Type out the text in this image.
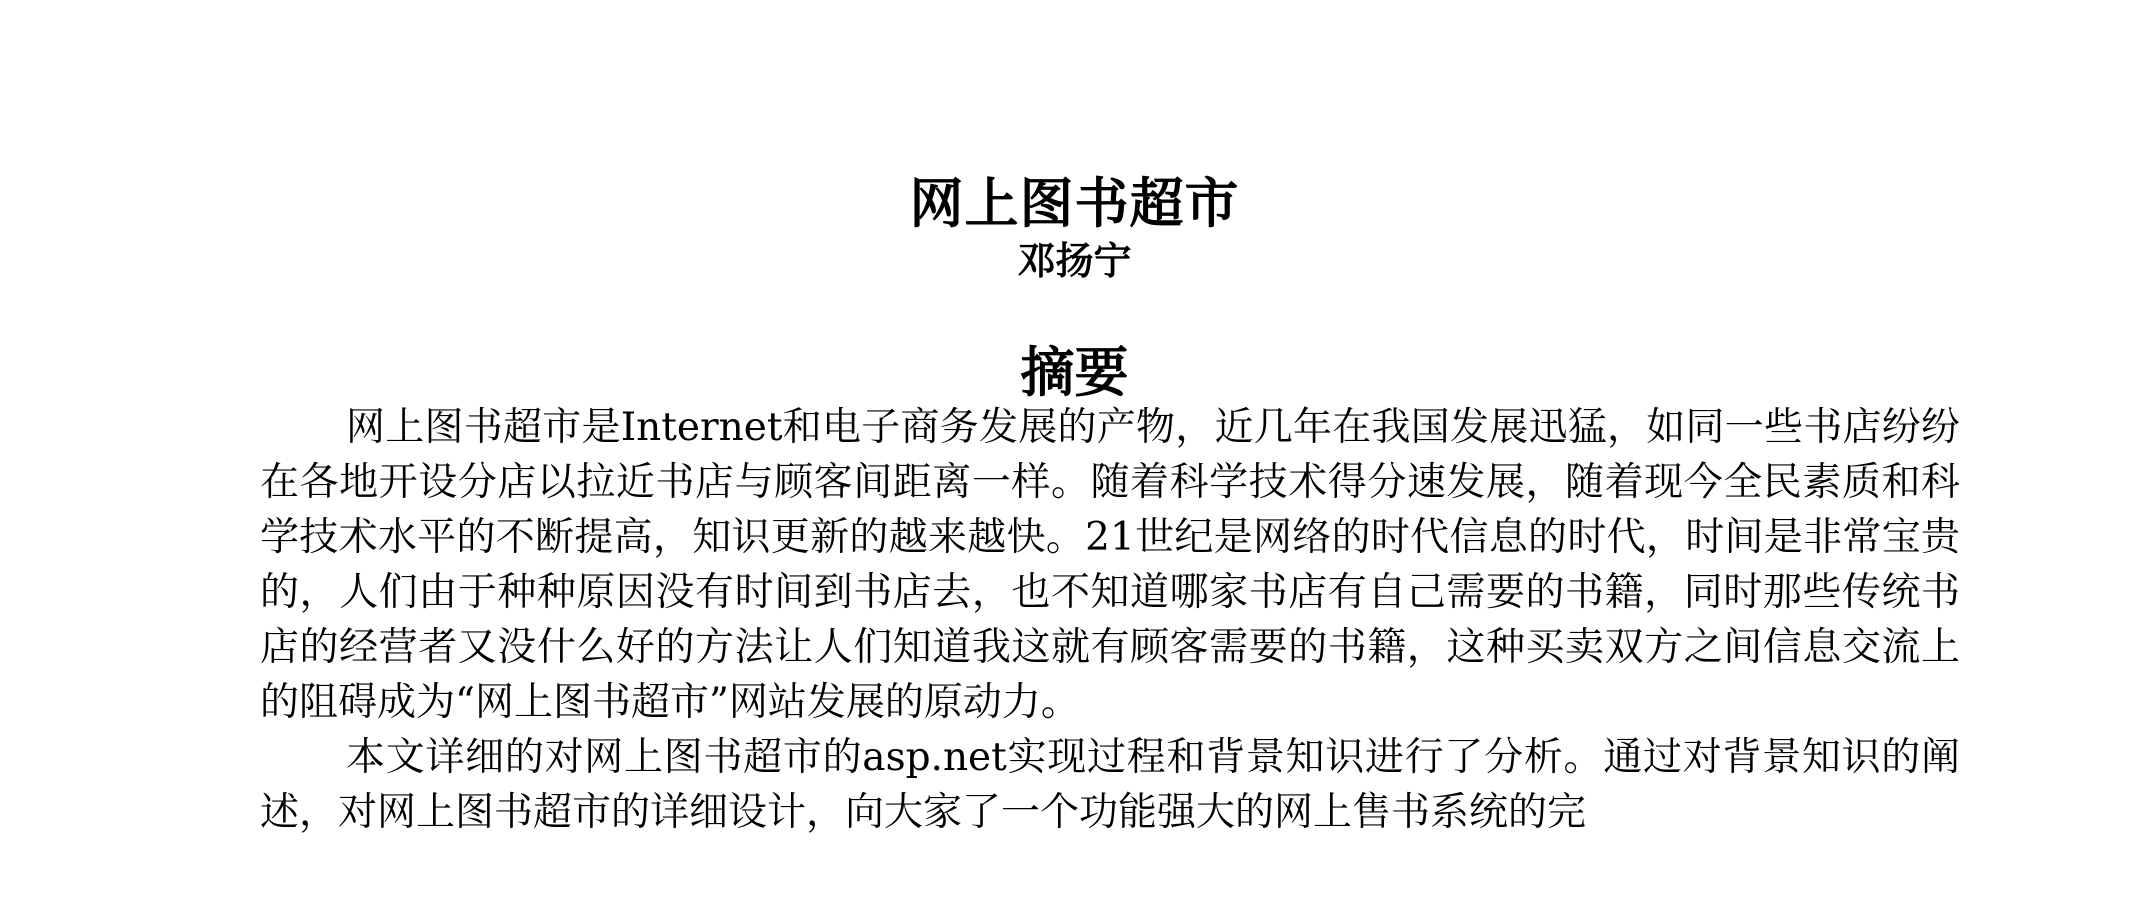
网上图书超市
邓扬宁
摘要

网上图书超市是Internet和电子商务发展的产物，近几年在我国发展迅猛，如同一些书店纷纷在各地开设分店以拉近书店与顾客间距离一样。随着科学技术得分速发展，随着现今全民素质和科学技术水平的不断提高，知识更新的越来越快。21世纪是网络的时代信息的时代，时间是非常宝贵的，人们由于种种原因没有时间到书店去，也不知道哪家书店有自己需要的书籍，同时那些传统书店的经营者又没什么好的方法让人们知道我这就有顾客需要的书籍，这种买卖双方之间信息交流上的阻碍成为“网上图书超市”网站发展的原动力。

本文详细的对网上图书超市的asp.net实现过程和背景知识进行了分析。通过对背景知识的阐述，对网上图书超市的详细设计，向大家了一个功能强大的网上售书系统的完
